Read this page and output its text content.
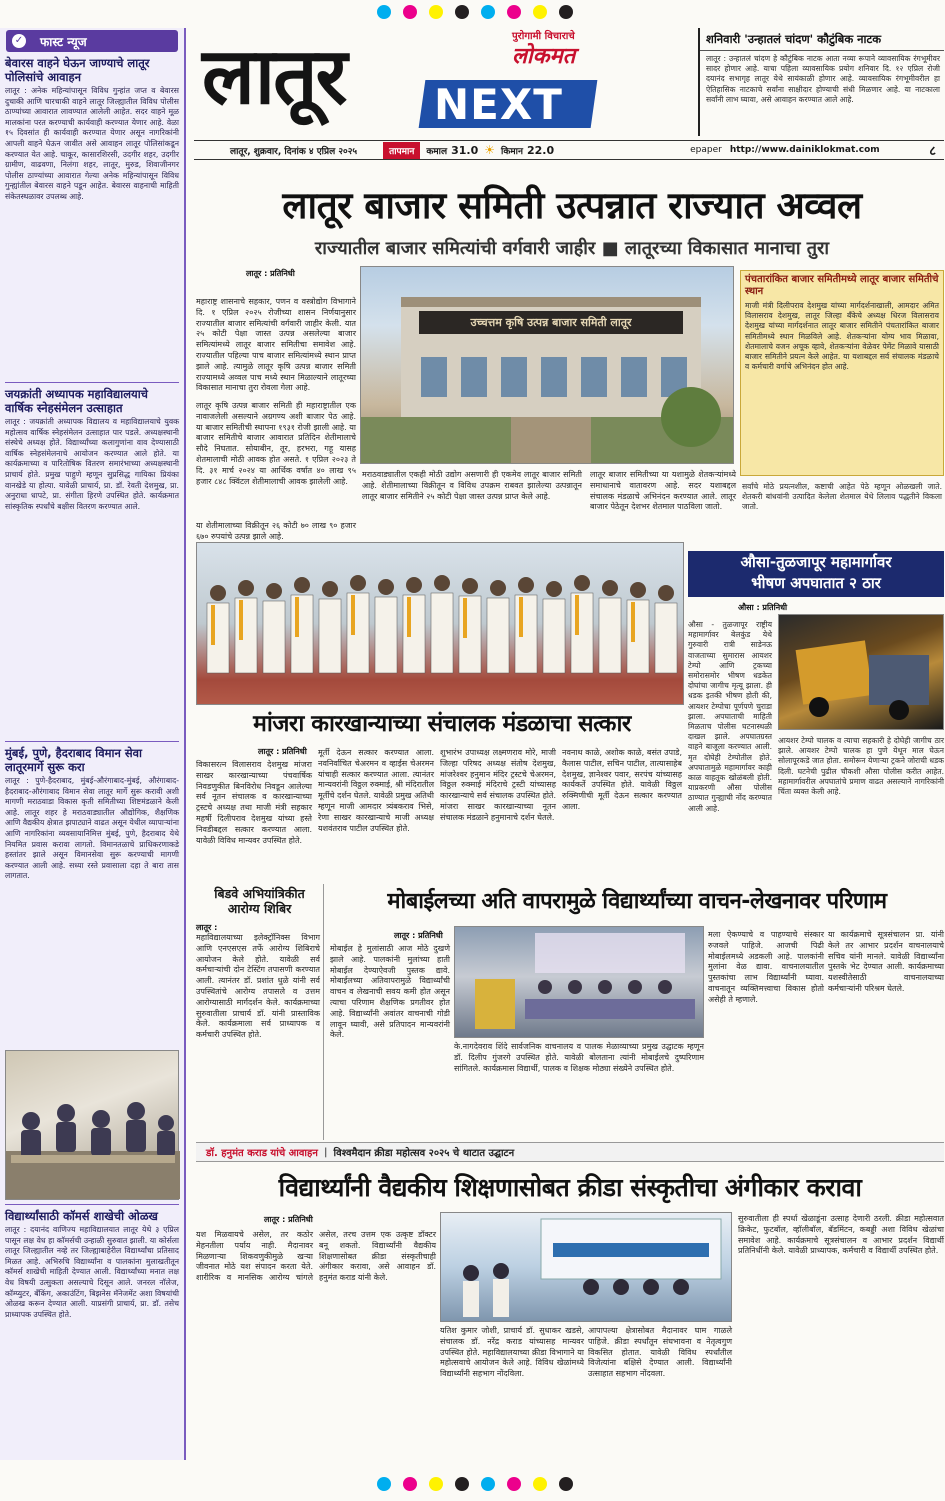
✓ फास्ट न्यूज
बेवारस वाहने घेऊन जाण्याचे लातूर पोलिसांचे आवाहन
लातूर : अनेक महिन्यांपासून विविध गुन्हांत जप्त व बेवारस दुचाकी आणि चारचाकी वाहने लातूर जिल्ह्यातील विविध पोलीस ठाण्यांच्या आवारात लावण्यात आलेली आहेत. सदर वाहने मूळ मालकांना परत करण्याची कार्यवाही करण्यात येणार आहे. वेळा १५ दिवसांत ही कार्यवाही करण्यात येणार असून नागरिकांनी आपली वाहने घेऊन जावीत असे आवाहन लातूर पोलिसांकडून करण्यात येत आहे. चाकूर, कासारशिरसी, उदगीर शहर, उदगीर ग्रामीण, वाढवणा, निलंगा शहर, लातूर, मुरुड, शिवाजीनगर पोलीस ठाण्यांच्या आवारात गेल्या अनेक महिन्यांपासून विविध गुन्ह्यांतील बेवारस वाहने पडून आहेत. बेवारस वाहनाची माहिती संकेतस्थळावर उपलब्ध आहे.
जयक्रांती अध्यापक महाविद्यालयाचे वार्षिक स्नेहसंमेलन उत्साहात
लातूर : जयक्रांती अध्यापक विद्यालय व महाविद्यालयाचे युवक महोत्सव वार्षिक स्नेहसंमेलन उत्साहात पार पडले. अध्यक्षस्थानी संस्थेचे अध्यक्ष होते. विद्यार्थ्यांच्या कलागुणांना वाव देण्यासाठी वार्षिक स्नेहसंमेलनाचे आयोजन करण्यात आले होते. या कार्यक्रमाच्या व पारितोषिक वितरण समारंभाच्या अध्यक्षस्थानी प्राचार्य होते. प्रमुख पाहुणे म्हणून सुप्रसिद्ध गायिका प्रियंका वानखेडे या होत्या. यावेळी प्राचार्य, प्रा. डॉ. रेवती देशमुख, प्रा. अनुराधा धापटे, प्रा. संगीता हिरणे उपस्थित होते. कार्यक्रमात सांस्कृतिक स्पर्धांचे बक्षीस वितरण करण्यात आले.
मुंबई, पुणे, हैदराबाद विमान सेवा लातूरमार्गे सुरू करा
लातूर : पुणे-हैदराबाद, मुंबई-औरंगाबाद-मुंबई, औरंगाबाद-हैदराबाद-औरंगाबाद विमान सेवा लातूर मार्गे सुरू करावी अशी मागणी मराठवाडा विकास कृती समितीच्या शिष्टमंडळाने केली आहे. लातूर शहर हे मराठवाड्यातील औद्योगिक, शैक्षणिक आणि वैद्यकीय क्षेत्रात झपाट्याने वाढत असून येथील व्यापाऱ्यांना आणि नागरिकांना व्यवसायानिमित्त मुंबई, पुणे, हैदराबाद येथे नियमित प्रवास करावा लागतो. विमानतळाचे प्राधिकरणाकडे हस्तांतर झाले असून विमानसेवा सुरू करण्याची मागणी करण्यात आली आहे. सध्या रस्ते प्रवासाला दहा ते बारा तास लागतात.
विद्यार्थ्यांसाठी कॉमर्स शाखेची ओळख
लातूर : दयानंद वाणिज्य महाविद्यालयात लातूर येथे ३ एप्रिल पासून लक्ष वेध हा कॉमर्सची उन्हाळी सुरुवात झाली. या कोर्सला लातूर जिल्ह्यातील नव्हे तर जिल्ह्याबाहेरील विद्यार्थ्यांचा प्रतिसाद मिळत आहे. अभिरुचि विद्यार्थ्यांना व पालकांना मुलाखतीतून कॉमर्स शाखेची माहिती देण्यात आली. विद्यार्थ्यांच्या मनात लक्ष वेध विषयी उत्सुकता असल्याचे दिसून आले. जनरल नॉलेज, कॉम्प्युटर, बँकिंग, अकाउंटिंग, बिझनेस मॅनेजमेंट अशा विषयांची ओळख करून देण्यात आली. याप्रसंगी प्राचार्य, प्रा. डॉ. तसेच प्राध्यापक उपस्थित होते.
लातूर	पुरोगामी विचाराचे
लोकमत
NEXT
शनिवारी 'उन्हातलं चांदण' कौटुंबिक नाटक
लातूर : उन्हातलं चांदण हे कौटुंबिक नाटक आता नव्या रूपाने व्यावसायिक रंगभूमीवर सादर होणार आहे. याचा पहिला व्यावसायिक प्रयोग शनिवार दि. १२ एप्रिल रोजी दयानंद सभागृह लातूर येथे सायंकाळी होणार आहे. व्यावसायिक रंगभूमीवरील हा ऐतिहासिक नाटकाचे सर्वांना साक्षीदार होण्याची संधी मिळणार आहे. या नाटकाला सर्वांनी लाभ घ्यावा, असे आवाहन करण्यात आले आहे.
लातूर, शुक्रवार, दिनांक ४ एप्रिल २०२५	तापमान	कमाल 31.0 ☀ किमान 22.0	epaper http://www.dainiklokmat.com	८
लातूर बाजार समिती उत्पन्नात राज्यात अव्वल
राज्यातील बाजार समित्यांची वर्गवारी जाहीर ■ लातूरच्या विकासात मानाचा तुरा
लातूर : प्रतिनिधी
महाराष्ट्र शासनाचे सहकार, पणन व वस्त्रोद्योग विभागाने दि. १ एप्रिल २०२५ रोजीच्या शासन निर्णयानुसार राज्यातील बाजार समित्यांची वर्गवारी जाहीर केली. यात २५ कोटी पेक्षा जास्त उत्पन्न असलेल्या बाजार समित्यांमध्ये लातूर बाजार समितीचा समावेश आहे. राज्यातील पहिल्या पाच बाजार समित्यांमध्ये स्थान प्राप्त झाले आहे. त्यामुळे लातूर कृषि उत्पन्न बाजार समिती राज्यामध्ये अव्वल पाच मध्ये स्थान मिळाल्याने लातूरच्या विकासात मानाचा तुरा रोवला गेला आहे.
लातूर कृषि उत्पन्न बाजार समिती ही महाराष्ट्रातील एक नावाजलेली असल्याने अग्रगण्य अशी बाजार पेठ आहे. या बाजार समितीची स्थापना १९३१ रोजी झाली आहे. या बाजार समितीचे बाजार आवारात प्रतिदिन शेतीमालाचे सौदे निघतात. सोयाबीन, तूर, हरभरा, गहू यासह शेतमालाची मोठी आवक होत असते. १ एप्रिल २०२३ ते दि. ३१ मार्च २०२४ या आर्थिक वर्षात ४० लाख ९५ हजार ८४८ क्विंटल शेतीमालाची आवक झालेली आहे.
या शेतीमालाच्या विक्रीतून २६ कोटी ७० लाख ९० हजार ६७० रुपयांचे उत्पन्न झाले आहे.
उच्चत्तम कृषि उत्पन्न बाजार समिती लातूर
मराठवाड्यातील एकही मोठी उद्योग असणारी ही एकमेव लातूर बाजार समिती आहे. शेतीमालाच्या विक्रीतून व विविध उपक्रम राबवत झालेल्या उत्पन्नातून लातूर बाजार समितीने २५ कोटी पेक्षा जास्त उत्पन्न प्राप्त केले आहे.
लातूर बाजार समितीच्या या यशामुळे शेतकऱ्यांमध्ये समाधानाचे वातावरण आहे. सदर यशाबद्दल संचालक मंडळाचे अभिनंदन करण्यात आले. लातूर बाजार पेठेतून देशभर शेतमाल पाठविला जातो.
पंचतारांकित बाजार समितीमध्ये लातूर बाजार समितीचे स्थान
माजी मंत्री दिलीपराव देशमुख यांच्या मार्गदर्शनाखाली, आमदार अमित विलासराव देशमुख, लातूर जिल्हा बँकेचे अध्यक्ष धिरज विलासराव देशमुख यांच्या मार्गदर्शनात लातूर बाजार समितीने पंचतारांकित बाजार समितीमध्ये स्थान मिळविले आहे. शेतकऱ्यांना योग्य भाव मिळावा, शेतमालाचे वजन अचूक व्हावे, शेतकऱ्यांना वेळेवर पेमेंट मिळावे यासाठी बाजार समितीने प्रयत्न केले आहेत. या यशाबद्दल सर्व संचालक मंडळाचे व कर्मचारी वर्गाचे अभिनंदन होत आहे.
सर्वांचे मोठे प्रयत्नशील, कष्टाची आहेत पेठे म्हणून ओळखली जाते. शेतकरी बांधवांनी उत्पादित केलेला शेतमाल येथे लिलाव पद्धतीने विकला जातो.
औसा-तुळजापूर महामार्गावर
भीषण अपघातात २ ठार
औसा : प्रतिनिधी
औसा - तुळजापूर राष्ट्रीय महामार्गावर बेलकुंड येथे गुरुवारी रात्री साडेनऊ वाजताच्या सुमारास आयशर टेम्पो आणि ट्रकच्या समोरासमोर भीषण धडकेत दोघांचा जागीच मृत्यू झाला. ही धडक इतकी भीषण होती की, आयशर टेम्पोचा पूर्णपणे चुराडा झाला. अपघाताची माहिती मिळताच पोलीस घटनास्थळी दाखल झाले. अपघातग्रस्त वाहने बाजूला करण्यात आली. मृत दोघेही टेम्पोतील होते. अपघातामुळे महामार्गावर काही काळ वाहतूक खोळंबली होती. याप्रकरणी औसा पोलीस ठाण्यात गुन्ह्याची नोंद करण्यात आली आहे.
आयशर टेम्पो चालक व त्याचा सहकारी हे दोघेही जागीच ठार झाले. आयशर टेम्पो चालक हा पुणे येथून माल घेऊन सोलापूरकडे जात होता. समोरून येणाऱ्या ट्रकने जोराची धडक दिली. घटनेची पुढील चौकशी औसा पोलीस करीत आहेत. महामार्गावरील अपघातांचे प्रमाण वाढत असल्याने नागरिकांनी चिंता व्यक्त केली आहे.
मांजरा कारखान्याच्या संचालक मंडळाचा सत्कार
लातूर : प्रतिनिधी
विकासरत्न विलासराव देशमुख मांजरा साखर कारखान्याच्या पंचवार्षिक निवडणुकीत बिनविरोध निवडून आलेल्या सर्व नूतन संचालक व कारखान्याच्या ट्रस्टचे अध्यक्ष तथा माजी मंत्री सहकार महर्षी दिलीपराव देशमुख यांच्या हस्ते निवडीबद्दल सत्कार करण्यात आला. यावेळी विविध मान्यवर उपस्थित होते.
मूर्ती देऊन सत्कार करण्यात आला. नवनिर्वाचित चेअरमन व व्हाईस चेअरमन यांचाही सत्कार करण्यात आला. त्यानंतर मान्यवरांनी विठ्ठल रुक्माई, श्री मंदिरातील मूर्तीचे दर्शन घेतले. यावेळी प्रमुख अतिथी म्हणून माजी आमदार त्र्यंबकराव भिसे, रेणा साखर कारखान्याचे माजी अध्यक्ष यशवंतराव पाटील उपस्थित होते.
शुभारंभ उपाध्यक्ष लक्ष्मणराव मोरे, माजी जिल्हा परिषद अध्यक्ष संतोष देशमुख, मांजरेश्वर हनुमान मंदिर ट्रस्टचे चेअरमन, विठ्ठल रुक्माई मंदिराचे ट्रस्टी यांच्यासह कारखान्याचे सर्व संचालक उपस्थित होते. मांजरा साखर कारखान्याच्या नूतन संचालक मंडळाने हनुमानाचे दर्शन घेतले.
नवनाथ काळे, अशोक काळे, बसंत उपाडे, कैलास पाटील, सचिन पाटील, तात्यासाहेब देशमुख, ज्ञानेश्वर पवार, सरपंच यांच्यासह कार्यकर्ते उपस्थित होते. यावेळी विठ्ठल रुक्मिणीची मूर्ती देऊन सत्कार करण्यात आला.
बिडवे अभियांत्रिकीत आरोग्य शिबिर
लातूर :
महाविद्यालयाच्या इलेक्ट्रॉनिक्स विभाग आणि एनएसएस तर्फे आरोग्य शिबिराचे आयोजन केले होते. यावेळी सर्व कर्मचाऱ्यांची दोन टेस्टिंग तपासणी करण्यात आली. त्यानंतर डॉ. प्रशांत धुळे यांनी सर्व उपस्थितांचे आरोग्य तपासले व उत्तम आरोग्यासाठी मार्गदर्शन केले. कार्यक्रमाच्या सुरुवातीला प्राचार्य डॉ. यांनी प्रास्ताविक केले. कार्यक्रमाला सर्व प्राध्यापक व कर्मचारी उपस्थित होते.
मोबाईलच्या अति वापरामुळे विद्यार्थ्यांच्या वाचन-लेखनावर परिणाम
लातूर : प्रतिनिधी
मोबाईल हे मुलांसाठी आज मोठे दुखणे झाले आहे. पालकांनी मुलांच्या हाती मोबाईल देण्याऐवजी पुस्तक द्यावे. मोबाईलच्या अतिवापरामुळे विद्यार्थ्यांची वाचन व लेखनाची सवय कमी होत असून त्याचा परिणाम शैक्षणिक प्रगतीवर होत आहे. विद्यार्थ्यांनी अवांतर वाचनाची गोडी लावून घ्यावी, असे प्रतिपादन मान्यवरांनी केले.
के.नागदेवराव शिंदे सार्वजनिक वाचनालय व पालक मेळाव्याच्या प्रमुख उद्घाटक म्हणून डॉ. दिलीप गुंजरगे उपस्थित होते. यावेळी बोलताना त्यांनी मोबाईलचे दुष्परिणाम सांगितले. कार्यक्रमास विद्यार्थी, पालक व शिक्षक मोठ्या संख्येने उपस्थित होते.
मला ऐकण्याचे व पाहण्याचे संस्कार रुजवले पाहिजे. आजची पिढी मोबाईलमध्ये अडकली आहे. पालकांनी मुलांना वेळ द्यावा. वाचनालयातील पुस्तकांचा लाभ विद्यार्थ्यांनी घ्यावा. वाचनातून व्यक्तिमत्त्वाचा विकास होतो असेही ते म्हणाले.
या कार्यक्रमाचे सूत्रसंचालन प्रा. यांनी केले तर आभार प्रदर्शन वाचनालयाचे सचिव यांनी मानले. यावेळी विद्यार्थ्यांना पुस्तके भेट देण्यात आली. कार्यक्रमाच्या यशस्वीतेसाठी वाचनालयाच्या कर्मचाऱ्यांनी परिश्रम घेतले.
डॉ. हनुमंत कराड यांचे आवाहन | विश्वमैदान क्रीडा महोत्सव २०२५ चे थाटात उद्घाटन
विद्यार्थ्यांनी वैद्यकीय शिक्षणासोबत क्रीडा संस्कृतीचा अंगीकार करावा
लातूर : प्रतिनिधी
यश मिळवायचे असेल, तर कठोर मेहनतीला पर्याय नाही. मैदानावर मिळणाऱ्या शिकवणुकीमुळे खऱ्या जीवनात मोठे यश संपादन करता येते. शारीरिक व मानसिक आरोग्य चांगले असेल, तरच उत्तम एक उत्कृष्ट डॉक्टर बनू शकतो. विद्यार्थ्यांनी वैद्यकीय शिक्षणासोबत क्रीडा संस्कृतीचाही अंगीकार करावा, असे आवाहन डॉ. हनुमंत कराड यांनी केले.
यतिश कुमार जोशी, प्राचार्य डॉ. सुधाकर खडसे, संचालक डॉ. नरेंद्र कराड यांच्यासह मान्यवर उपस्थित होते. महाविद्यालयाच्या क्रीडा विभागाने या महोत्सवाचे आयोजन केले आहे. विविध खेळांमध्ये विद्यार्थ्यांनी सहभाग नोंदविला.
आपापल्या क्षेत्रासोबत मैदानावर घाम गाळले पाहिजे. क्रीडा स्पर्धांतून संघभावना व नेतृत्वगुण विकसित होतात. यावेळी विविध स्पर्धांतील विजेत्यांना बक्षिसे देण्यात आली. विद्यार्थ्यांनी उत्साहात सहभाग नोंदवला.
सुरुवातीला ही स्पर्धा खेळाडूंना उत्साह देणारी ठरली. क्रीडा महोत्सवात क्रिकेट, फुटबॉल, व्हॉलीबॉल, बॅडमिंटन, कबड्डी अशा विविध खेळांचा समावेश आहे. कार्यक्रमाचे सूत्रसंचालन व आभार प्रदर्शन विद्यार्थी प्रतिनिधींनी केले. यावेळी प्राध्यापक, कर्मचारी व विद्यार्थी उपस्थित होते.
